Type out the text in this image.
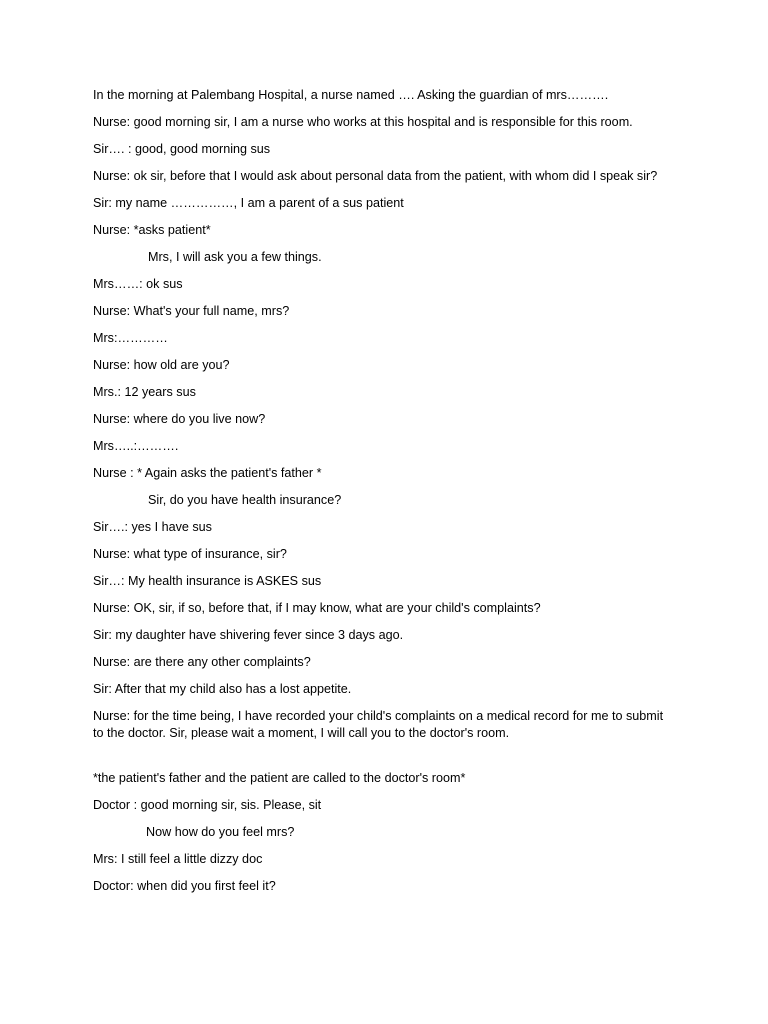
In the morning at Palembang Hospital, a nurse named …. Asking the guardian of mrs……….

Nurse: good morning sir, I am a nurse who works at this hospital and is responsible for this room.

Sir…. : good, good morning sus

Nurse: ok sir, before that I would ask about personal data from the patient, with whom did I speak sir?

Sir: my name ……………, I am a parent of a sus patient

Nurse: *asks patient*

Mrs, I will ask you a few things.

Mrs……: ok sus

Nurse: What's your full name, mrs?

Mrs:…………

Nurse: how old are you?

Mrs.: 12 years sus

Nurse: where do you live now?

Mrs…..:……….

Nurse : * Again asks the patient's father *

Sir, do you have health insurance?

Sir….: yes I have sus

Nurse: what type of insurance, sir?

Sir…: My health insurance is ASKES sus

Nurse: OK, sir, if so, before that, if I may know, what are your child's complaints?

Sir: my daughter have shivering fever since 3 days ago.

Nurse: are there any other complaints?

Sir: After that my child also has a lost appetite.

Nurse: for the time being, I have recorded your child's complaints on a medical record for me to submit to the doctor. Sir, please wait a moment, I will call you to the doctor's room.

*the patient's father and the patient are called to the doctor's room*

Doctor : good morning sir, sis. Please, sit

Now how do you feel mrs?

Mrs: I still feel a little dizzy doc

Doctor: when did you first feel it?
